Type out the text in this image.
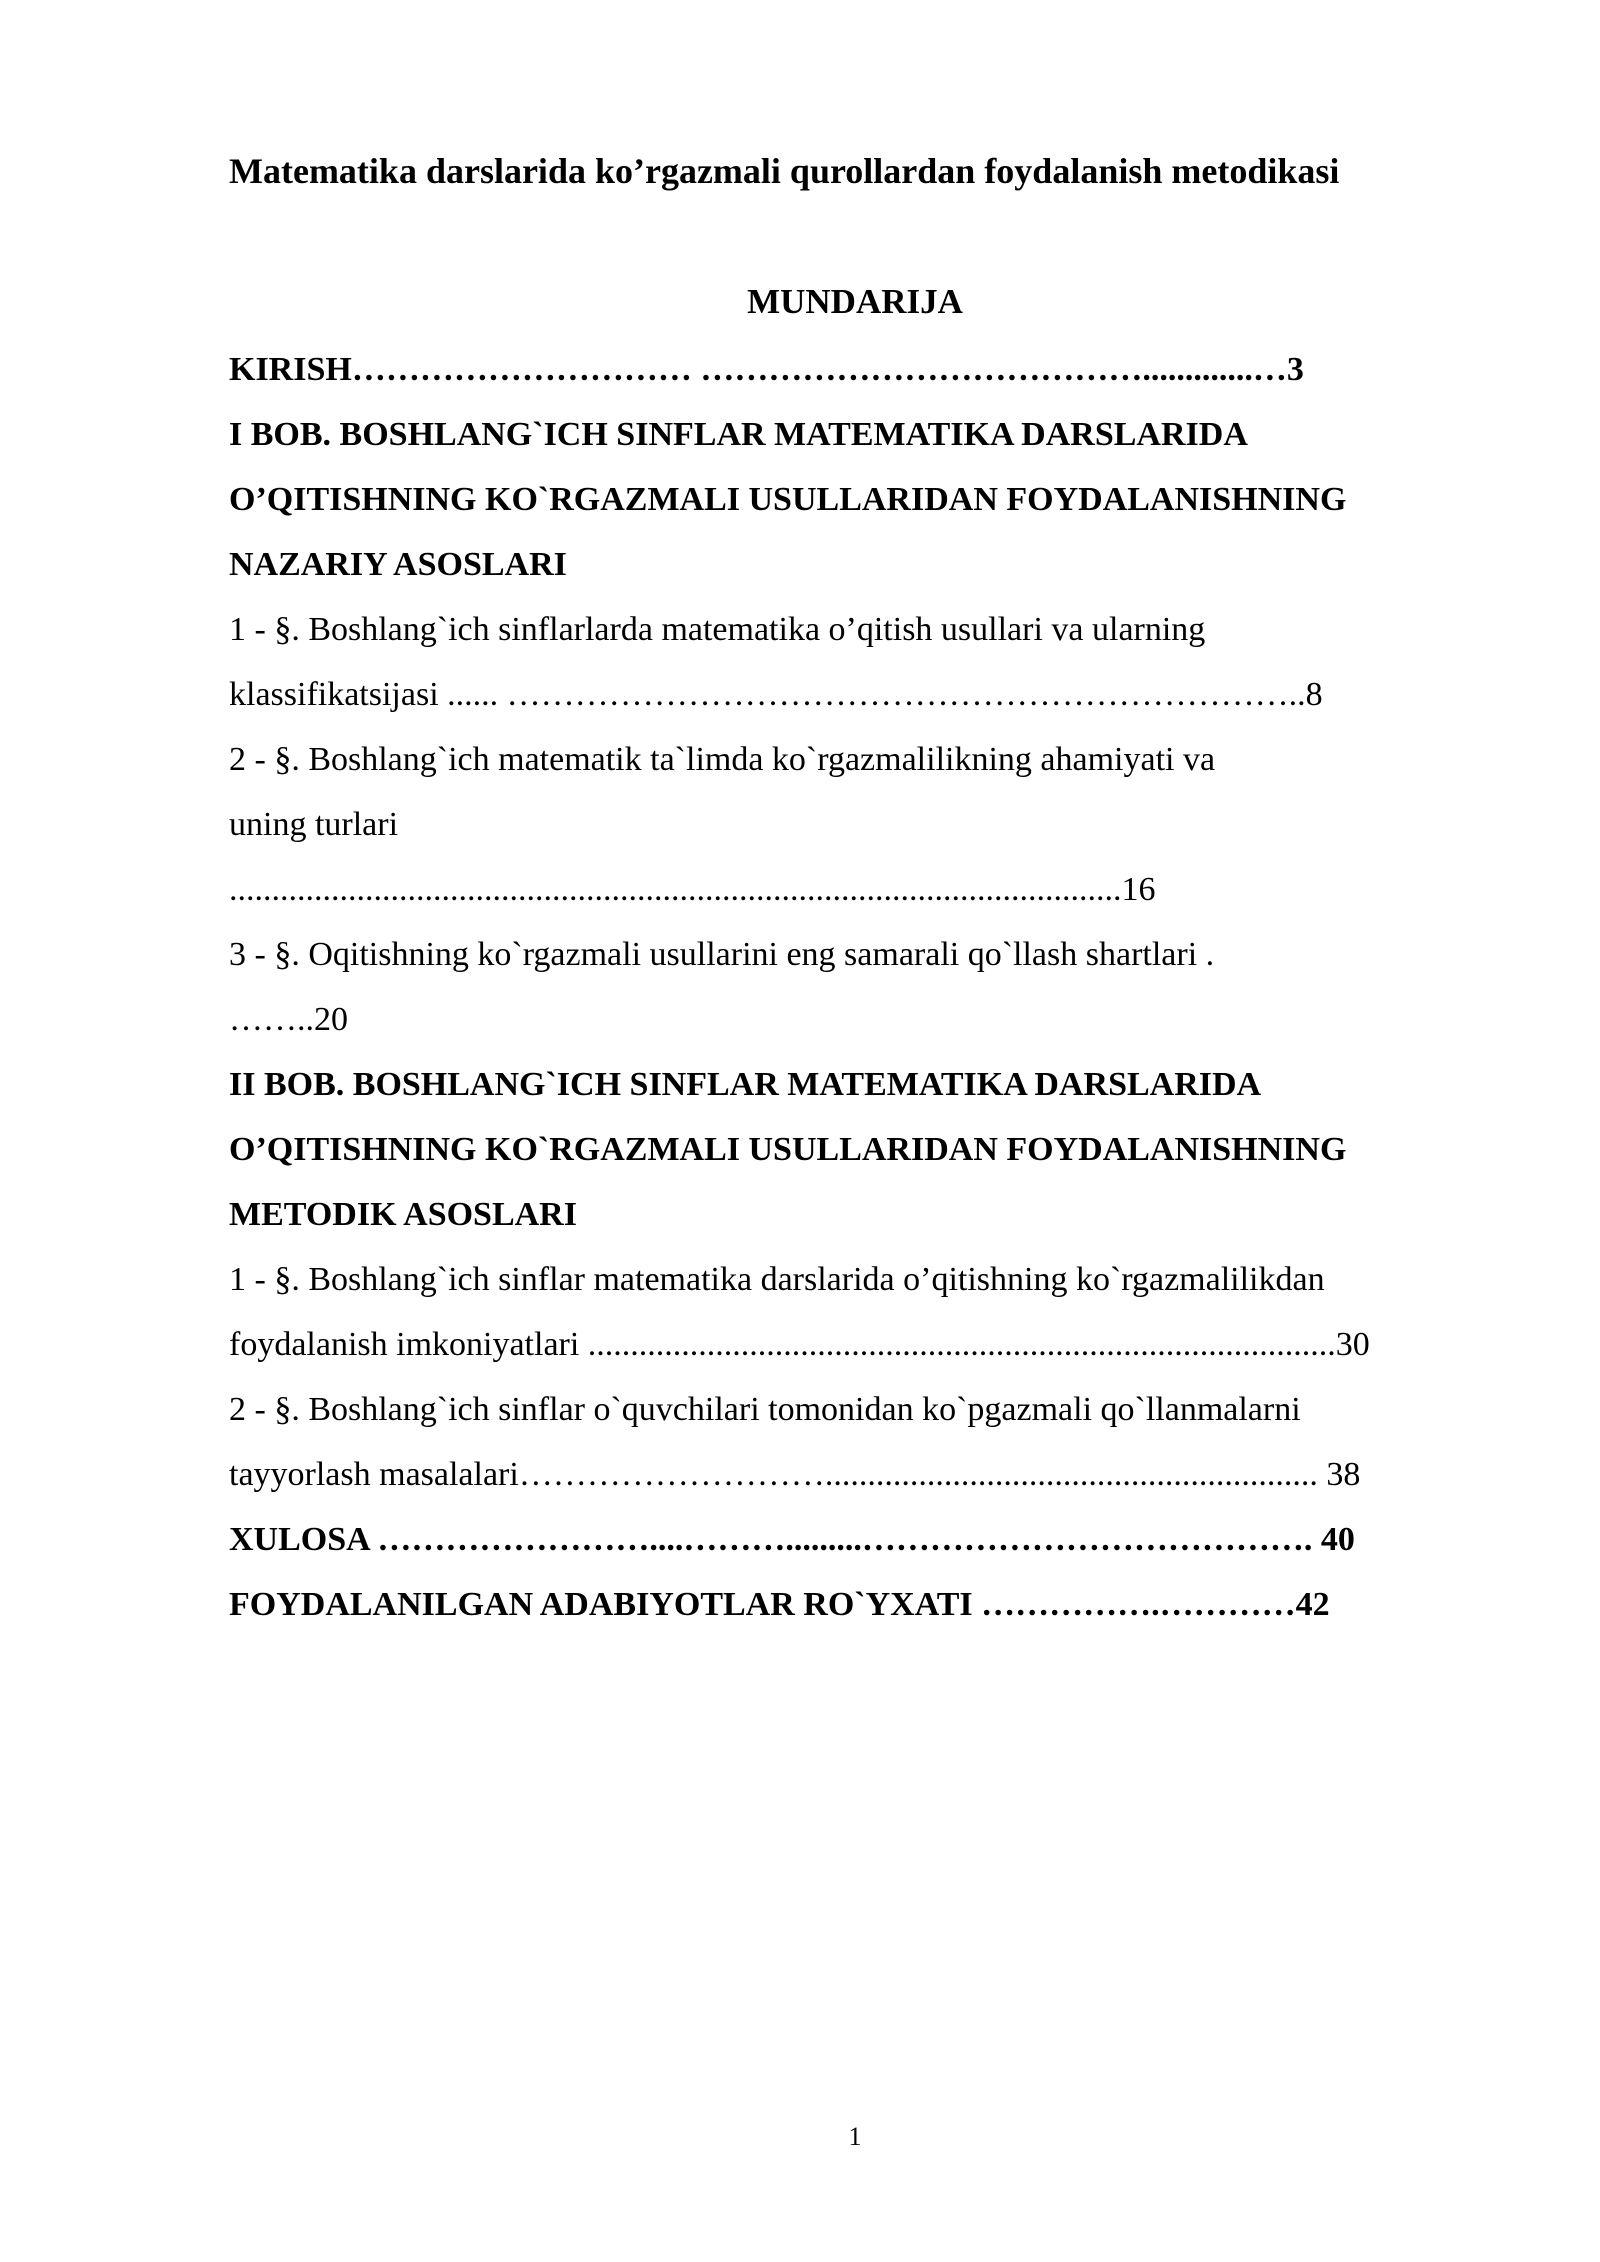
Matematika darslarida ko’rgazmali qurollardan foydalanish metodikasi
MUNDARIJA
KIRISH………………………… ………………………………….............…3
I BOB. BOSHLANG`ICH SINFLAR MATEMATIKA DARSLARIDA
O’QITISHNING KO`RGAZMALI USULLARIDAN FOYDALANISHNING
NAZARIY ASOSLARI
1 - §. Boshlang`ich sinflarlarda matematika o’qitish usullari va ularning
klassifikatsijasi ...... ……………………………………………………………..8
2 - §. Boshlang`ich matematik ta`limda ko`rgazmalilikning ahamiyati va
uning turlari
.........................................................................................................16
3 - §. Oqitishning ko`rgazmali usullarini eng samarali qo`llash shartlari .
……..20
II BOB. BOSHLANG`ICH SINFLAR MATEMATIKA DARSLARIDA
O’QITISHNING KO`RGAZMALI USULLARIDAN FOYDALANISHNING
METODIK ASOSLARI
1 - §. Boshlang`ich sinflar matematika darslarida o’qitishning ko`rgazmalilikdan
foydalanish imkoniyatlari ........................................................................................30
2 - §. Boshlang`ich sinflar o`quvchilari tomonidan ko`pgazmali qo`llanmalarni
tayyorlash masalalari……………………….......................................................... 38
XULOSA ……………………....……….........…………………………………. 40
FOYDALANILGAN ADABIYOTLAR RO`YXATI …………….…………42
1
